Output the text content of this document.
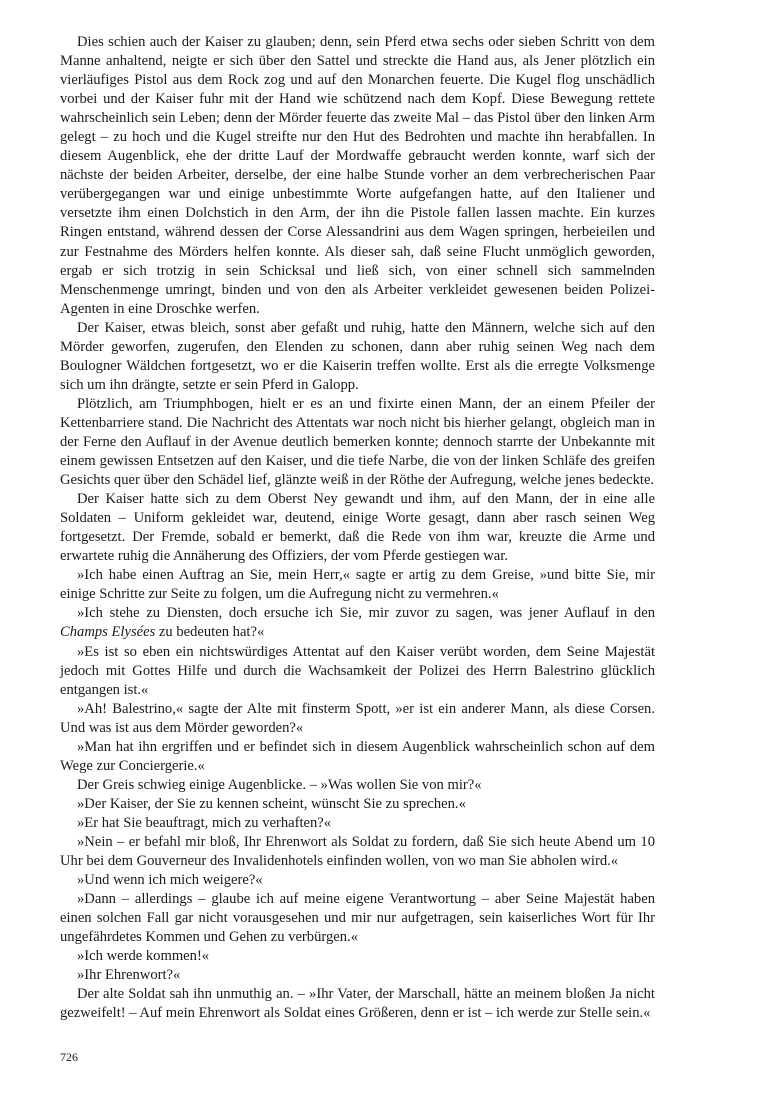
Dies schien auch der Kaiser zu glauben; denn, sein Pferd etwa sechs oder sieben Schritt von dem Manne anhaltend, neigte er sich über den Sattel und streckte die Hand aus, als Jener plötzlich ein vierläufiges Pistol aus dem Rock zog und auf den Monarchen feuerte. Die Kugel flog unschädlich vorbei und der Kaiser fuhr mit der Hand wie schützend nach dem Kopf. Diese Bewegung rettete wahrscheinlich sein Leben; denn der Mörder feuerte das zweite Mal – das Pistol über den linken Arm gelegt – zu hoch und die Kugel streifte nur den Hut des Bedrohten und machte ihn herabfallen. In diesem Augenblick, ehe der dritte Lauf der Mordwaffe gebraucht werden konnte, warf sich der nächste der beiden Arbeiter, derselbe, der eine halbe Stunde vorher an dem verbrecherischen Paar verübergegangen war und einige unbestimmte Worte aufgefangen hatte, auf den Italiener und versetzte ihm einen Dolchstich in den Arm, der ihn die Pistole fallen lassen machte. Ein kurzes Ringen entstand, während dessen der Corse Alessandrini aus dem Wagen springen, herbeieilen und zur Festnahme des Mörders helfen konnte. Als dieser sah, daß seine Flucht unmöglich geworden, ergab er sich trotzig in sein Schicksal und ließ sich, von einer schnell sich sammelnden Menschenmenge umringt, binden und von den als Arbeiter verkleidet gewesenen beiden Polizei-Agenten in eine Droschke werfen.

Der Kaiser, etwas bleich, sonst aber gefaßt und ruhig, hatte den Männern, welche sich auf den Mörder geworfen, zugerufen, den Elenden zu schonen, dann aber ruhig seinen Weg nach dem Boulogner Wäldchen fortgesetzt, wo er die Kaiserin treffen wollte. Erst als die erregte Volksmenge sich um ihn drängte, setzte er sein Pferd in Galopp.

Plötzlich, am Triumphbogen, hielt er es an und fixirte einen Mann, der an einem Pfeiler der Kettenbarriere stand. Die Nachricht des Attentats war noch nicht bis hierher gelangt, obgleich man in der Ferne den Auflauf in der Avenue deutlich bemerken konnte; dennoch starrte der Unbekannte mit einem gewissen Entsetzen auf den Kaiser, und die tiefe Narbe, die von der linken Schläfe des greifen Gesichts quer über den Schädel lief, glänzte weiß in der Röthe der Aufregung, welche jenes bedeckte.

Der Kaiser hatte sich zu dem Oberst Ney gewandt und ihm, auf den Mann, der in eine alle Soldaten – Uniform gekleidet war, deutend, einige Worte gesagt, dann aber rasch seinen Weg fortgesetzt. Der Fremde, sobald er bemerkt, daß die Rede von ihm war, kreuzte die Arme und erwartete ruhig die Annäherung des Offiziers, der vom Pferde gestiegen war.

»Ich habe einen Auftrag an Sie, mein Herr,« sagte er artig zu dem Greise, »und bitte Sie, mir einige Schritte zur Seite zu folgen, um die Aufregung nicht zu vermehren.«

»Ich stehe zu Diensten, doch ersuche ich Sie, mir zuvor zu sagen, was jener Auflauf in den Champs Elysées zu bedeuten hat?«

»Es ist so eben ein nichtswürdiges Attentat auf den Kaiser verübt worden, dem Seine Majestät jedoch mit Gottes Hilfe und durch die Wachsamkeit der Polizei des Herrn Balestrino glücklich entgangen ist.«

»Ah! Balestrino,« sagte der Alte mit finsterm Spott, »er ist ein anderer Mann, als diese Corsen. Und was ist aus dem Mörder geworden?«

»Man hat ihn ergriffen und er befindet sich in diesem Augenblick wahrscheinlich schon auf dem Wege zur Conciergerie.«

Der Greis schwieg einige Augenblicke. – »Was wollen Sie von mir?«

»Der Kaiser, der Sie zu kennen scheint, wünscht Sie zu sprechen.«

»Er hat Sie beauftragt, mich zu verhaften?«

»Nein – er befahl mir bloß, Ihr Ehrenwort als Soldat zu fordern, daß Sie sich heute Abend um 10 Uhr bei dem Gouverneur des Invalidenhotels einfinden wollen, von wo man Sie abholen wird.«

»Und wenn ich mich weigere?«

»Dann – allerdings – glaube ich auf meine eigene Verantwortung – aber Seine Majestät haben einen solchen Fall gar nicht vorausgesehen und mir nur aufgetragen, sein kaiserliches Wort für Ihr ungefährdetes Kommen und Gehen zu verbürgen.«

»Ich werde kommen!«

»Ihr Ehrenwort?«

Der alte Soldat sah ihn unmuthig an. – »Ihr Vater, der Marschall, hätte an meinem bloßen Ja nicht gezweifelt! – Auf mein Ehrenwort als Soldat eines Größeren, denn er ist – ich werde zur Stelle sein.«

726
